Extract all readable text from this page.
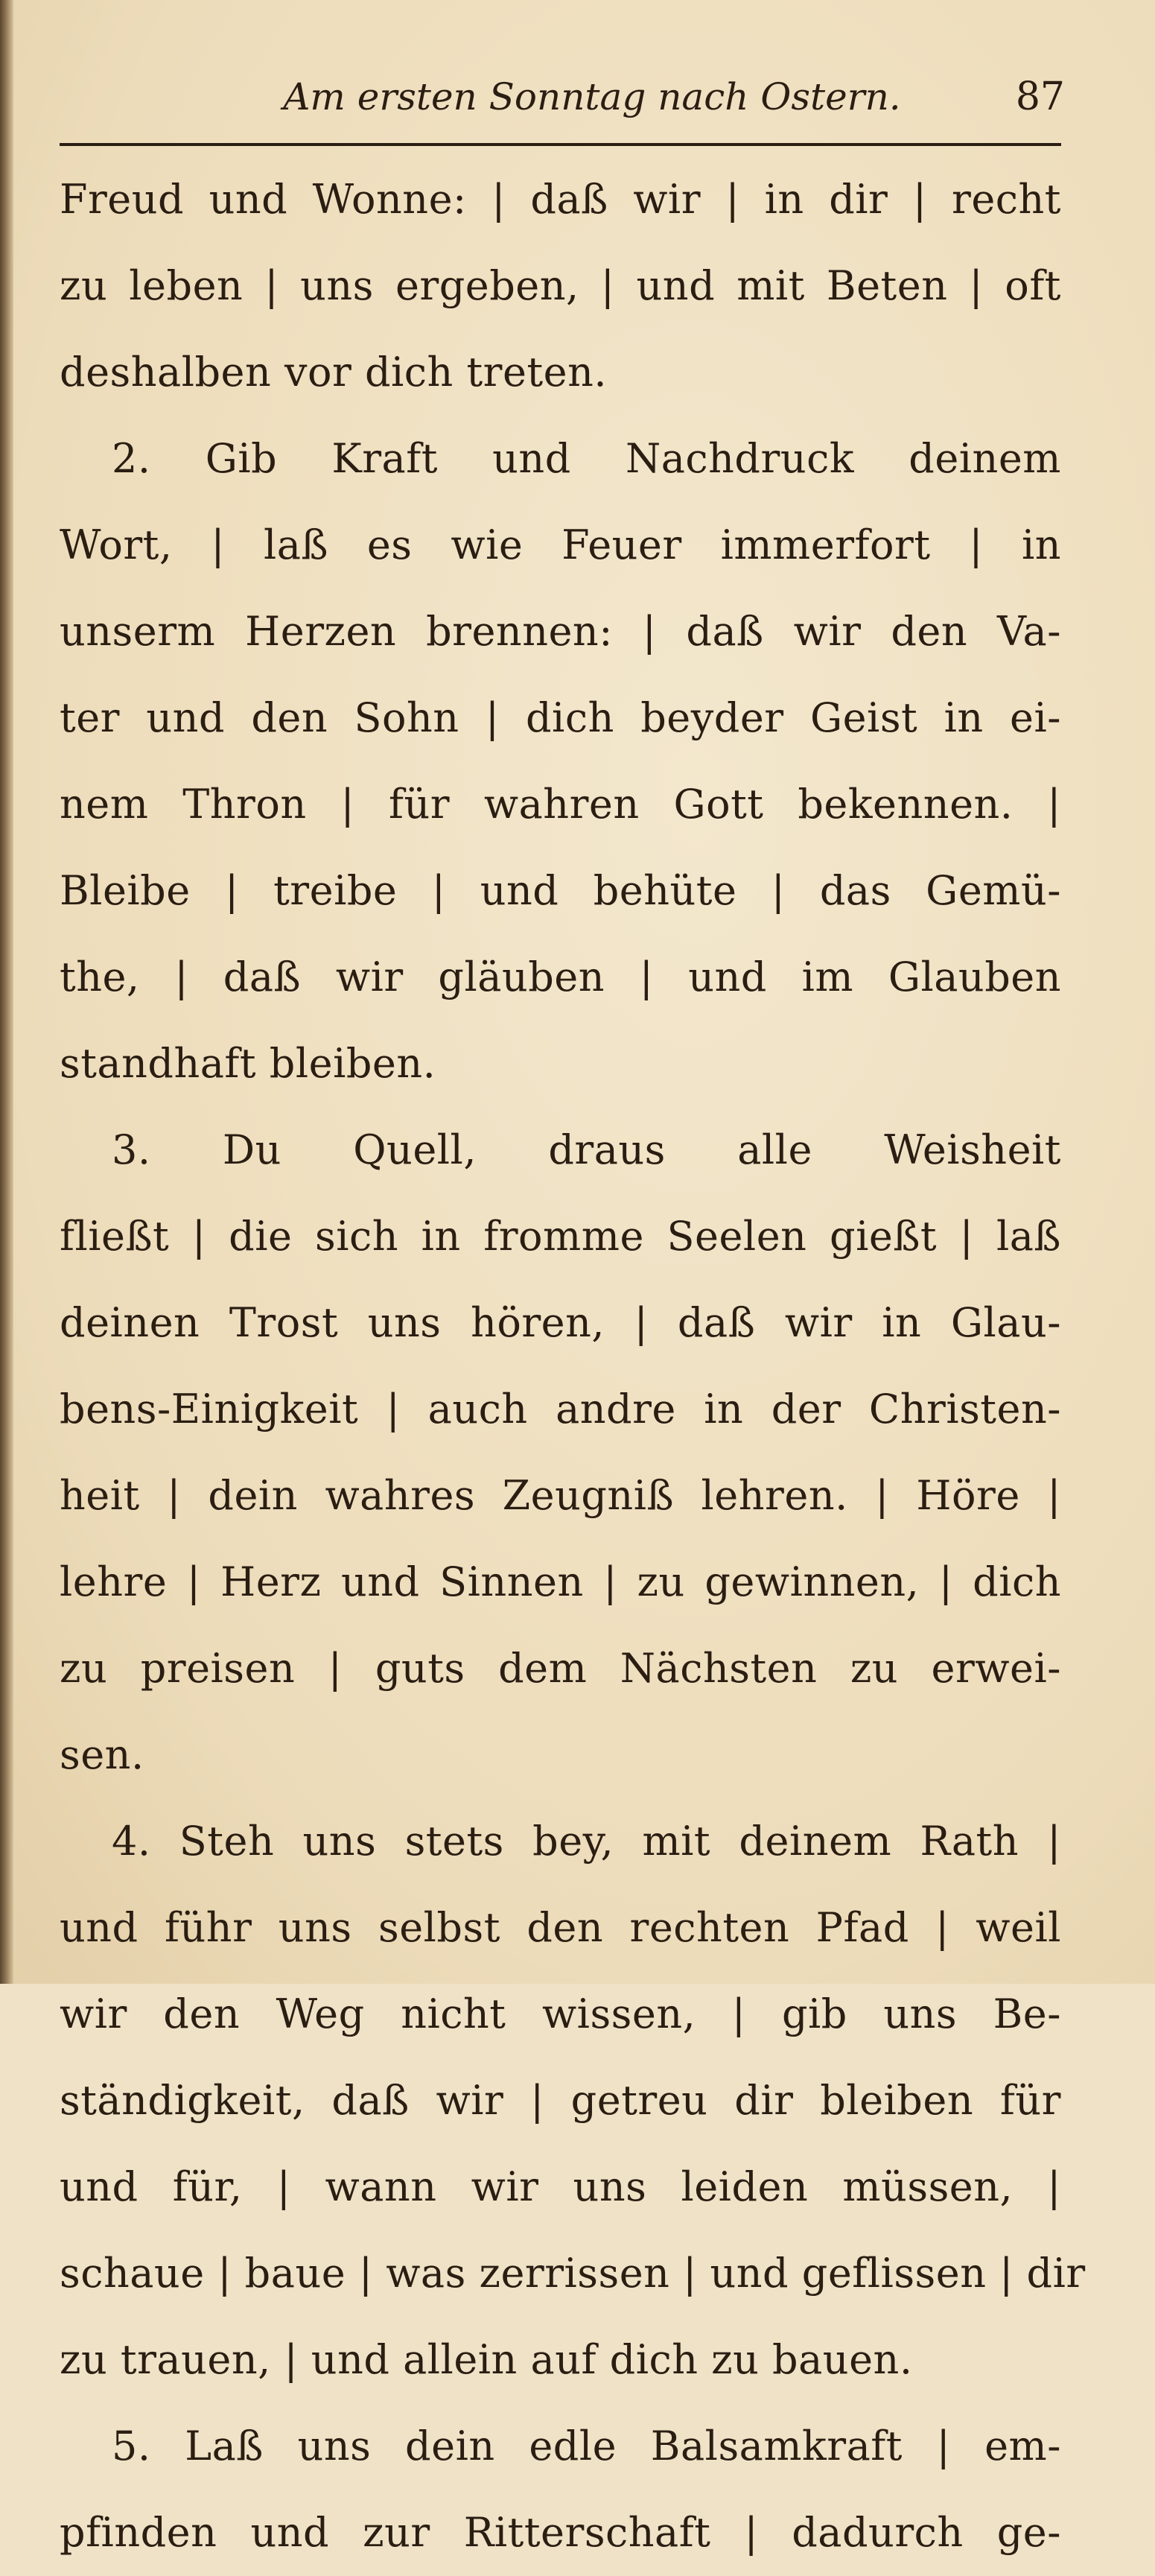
Am ersten Sonntag nach Ostern.	87
Freud und Wonne: | daß wir | in dir | recht
zu leben | uns ergeben, | und mit Beten | oft
deshalben vor dich treten.
2. Gib Kraft und Nachdruck deinem
Wort, | laß es wie Feuer immerfort | in
unserm Herzen brennen: | daß wir den Va-
ter und den Sohn | dich beyder Geist in ei-
nem Thron | für wahren Gott bekennen. |
Bleibe | treibe | und behüte | das Gemü-
the, | daß wir gläuben | und im Glauben
standhaft bleiben.
3. Du Quell, draus alle Weisheit
fließt | die sich in fromme Seelen gießt | laß
deinen Trost uns hören, | daß wir in Glau-
bens-Einigkeit | auch andre in der Christen-
heit | dein wahres Zeugniß lehren. | Höre |
lehre | Herz und Sinnen | zu gewinnen, | dich
zu preisen | guts dem Nächsten zu erwei-
sen.
4. Steh uns stets bey, mit deinem Rath |
und führ uns selbst den rechten Pfad | weil
wir den Weg nicht wissen, | gib uns Be-
ständigkeit, daß wir | getreu dir bleiben für
und für, | wann wir uns leiden müssen, |
schaue | baue | was zerrissen | und geflissen | dir
zu trauen, | und allein auf dich zu bauen.
5. Laß uns dein edle Balsamkraft | em-
pfinden und zur Ritterschaft | dadurch ge-
